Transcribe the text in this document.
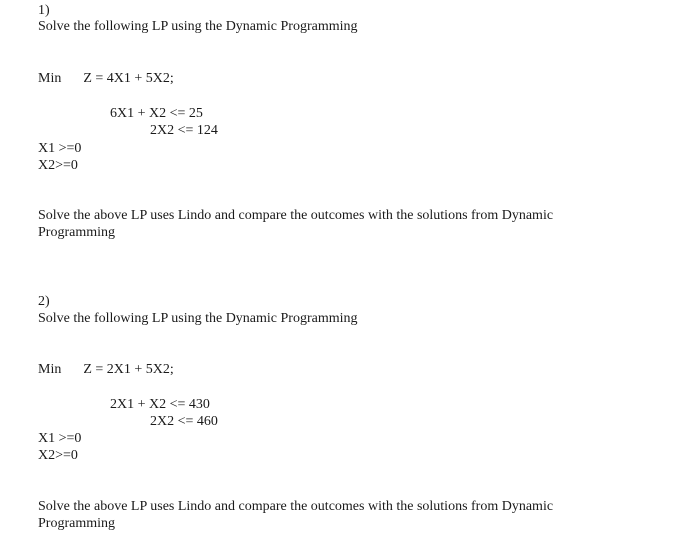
1)
Solve the following LP using the Dynamic Programming
Min Z = 4X1 + 5X2;
6X1 + X2 <= 25
2X2 <= 124
X1 >=0
X2>=0
Solve the above LP uses Lindo and compare the outcomes with the solutions from Dynamic Programming
2)
Solve the following LP using the Dynamic Programming
Min Z = 2X1 + 5X2;
2X1 + X2 <= 430
2X2 <= 460
X1 >=0
X2>=0
Solve the above LP uses Lindo and compare the outcomes with the solutions from Dynamic Programming
